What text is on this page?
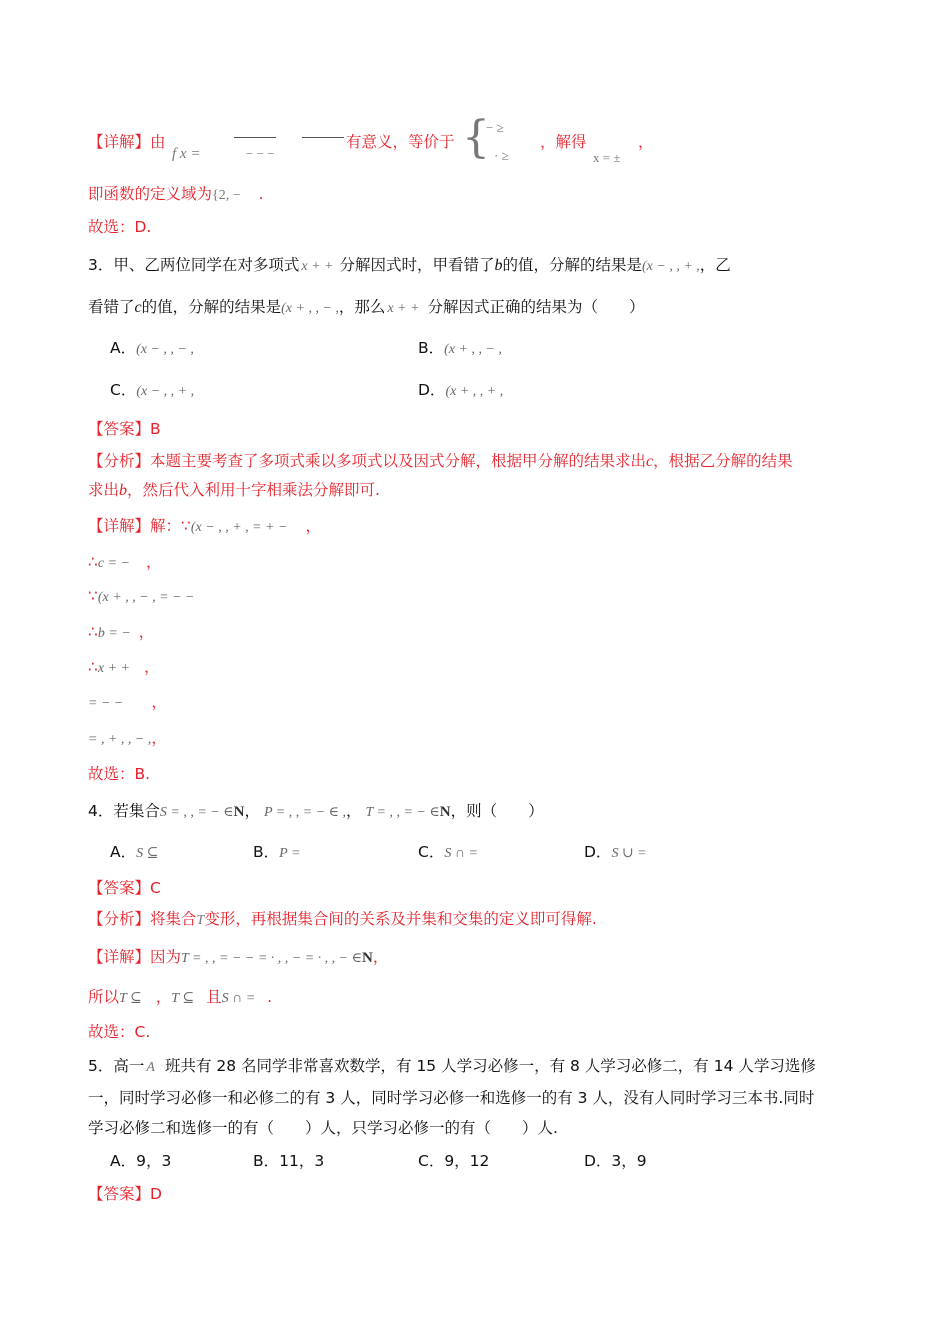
【详解】由
f x =	− − −
有意义，等价于 {
− ≥
· ≥
，解得
x = ±
，
即函数的定义域为{2, − .
故选：D.
3．甲、乙两位同学在对多项式 x + + 分解因式时，甲看错了b的值，分解的结果是(x − , , + ,，乙
看错了c的值，分解的结果是(x + , , − ,，那么 x + + 分解因式正确的结果为（　　）
A．(x − , , − ,	B．(x + , , − ,
C．(x − , , + ,	D．(x + , , + ,
【答案】B
【分析】本题主要考查了多项式乘以多项式以及因式分解，根据甲分解的结果求出c，根据乙分解的结果
求出b，然后代入利用十字相乘法分解即可.
【详解】解：∵(x − , , + , = + − ，
∴c = − ，
∵(x + , , − , = − −
∴b = − ，
∴x + + ，
= − − ，
= , + , , − ,，
故选：B.
4．若集合S = , , = − ∈N， P = , , = − ∈ ,， T = , , = − ∈N，则（　　）
A．S ⊆	B．P =	C．S ∩ =	D．S ∪ =
【答案】C
【分析】将集合T变形，再根据集合间的关系及并集和交集的定义即可得解.
【详解】因为T = , , = − − = · , , − = · , , − ∈N，
所以T ⊆ ，T ⊆ 且S ∩ = .
故选：C.
5．高一 A 班共有 28 名同学非常喜欢数学，有 15 人学习必修一，有 8 人学习必修二，有 14 人学习选修
一，同时学习必修一和必修二的有 3 人，同时学习必修一和选修一的有 3 人，没有人同时学习三本书.同时
学习必修二和选修一的有（　　）人，只学习必修一的有（　　）人.
A．9，3	B．11，3	C．9，12	D．3，9
【答案】D
